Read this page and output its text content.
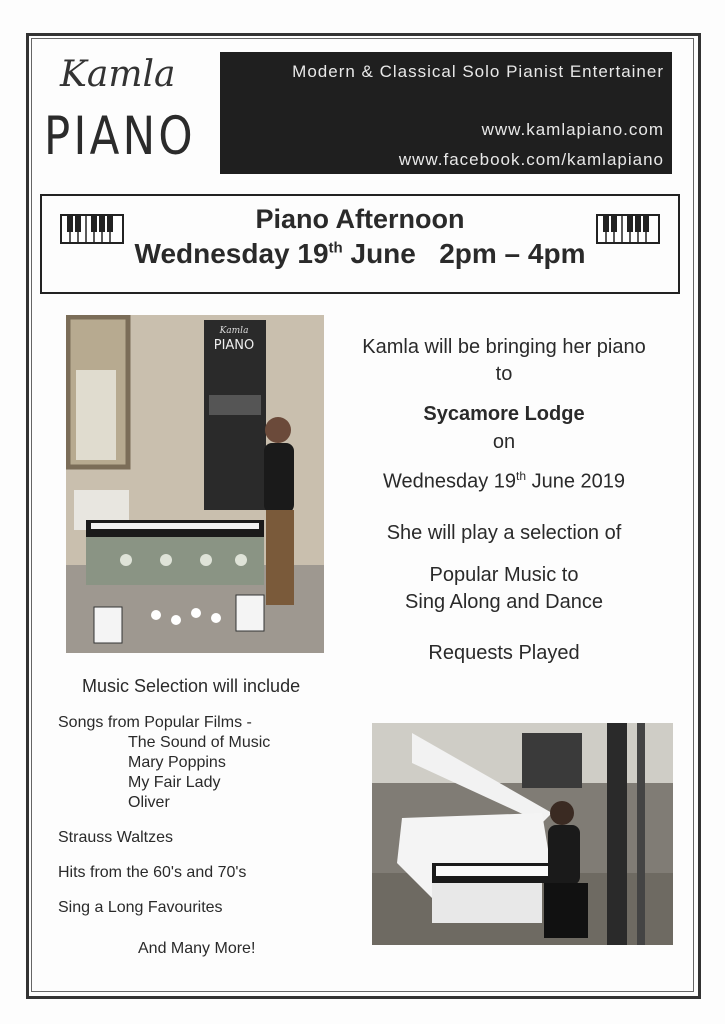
Kamla
PIANO
Modern & Classical Solo Pianist Entertainer
www.kamlapiano.com
www.facebook.com/kamlapiano
Piano Afternoon
Wednesday 19th June   2pm – 4pm
Kamla
PIANO	Kamla will be bringing her piano
to
Sycamore Lodge
on
Wednesday 19th June 2019
She will play a selection of
Popular Music to
Sing Along and Dance
Requests Played
Music Selection will include
Songs from Popular Films -
The Sound of Music
Mary Poppins
My Fair Lady
Oliver
Strauss Waltzes
Hits from the 60's and 70's
Sing a Long Favourites
And Many More!
